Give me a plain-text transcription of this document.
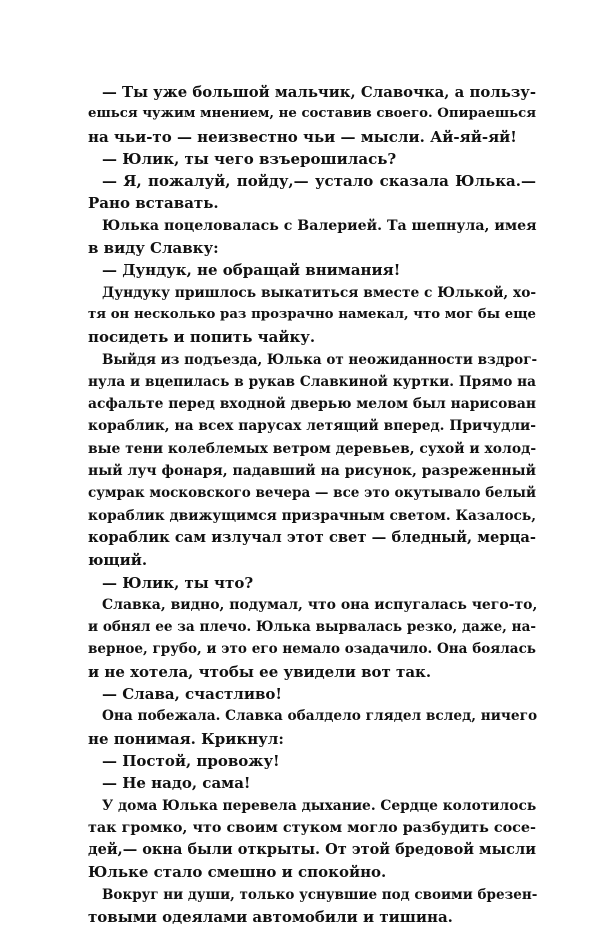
— Ты уже большой мальчик, Славочка, а пользу-
ешься чужим мнением, не составив своего. Опираешься
на чьи-то — неизвестно чьи — мысли. Ай-яй-яй!
— Юлик, ты чего взъерошилась?
— Я, пожалуй, пойду,— устало сказала Юлька.—
Рано вставать.
Юлька поцеловалась с Валерией. Та шепнула, имея
в виду Славку:
— Дундук, не обращай внимания!
Дундуку пришлось выкатиться вместе с Юлькой, хо-
тя он несколько раз прозрачно намекал, что мог бы еще
посидеть и попить чайку.
Выйдя из подъезда, Юлька от неожиданности вздрог-
нула и вцепилась в рукав Славкиной куртки. Прямо на
асфальте перед входной дверью мелом был нарисован
кораблик, на всех парусах летящий вперед. Причудли-
вые тени колеблемых ветром деревьев, сухой и холод-
ный луч фонаря, падавший на рисунок, разреженный
сумрак московского вечера — все это окутывало белый
кораблик движущимся призрачным светом. Казалось,
кораблик сам излучал этот свет — бледный, мерца-
ющий.
— Юлик, ты что?
Славка, видно, подумал, что она испугалась чего-то,
и обнял ее за плечо. Юлька вырвалась резко, даже, на-
верное, грубо, и это его немало озадачило. Она боялась
и не хотела, чтобы ее увидели вот так.
— Слава, счастливо!
Она побежала. Славка обалдело глядел вслед, ничего
не понимая. Крикнул:
— Постой, провожу!
— Не надо, сама!
У дома Юлька перевела дыхание. Сердце колотилось
так громко, что своим стуком могло разбудить сосе-
дей,— окна были открыты. От этой бредовой мысли
Юльке стало смешно и спокойно.
Вокруг ни души, только уснувшие под своими брезен-
товыми одеялами автомобили и тишина.
